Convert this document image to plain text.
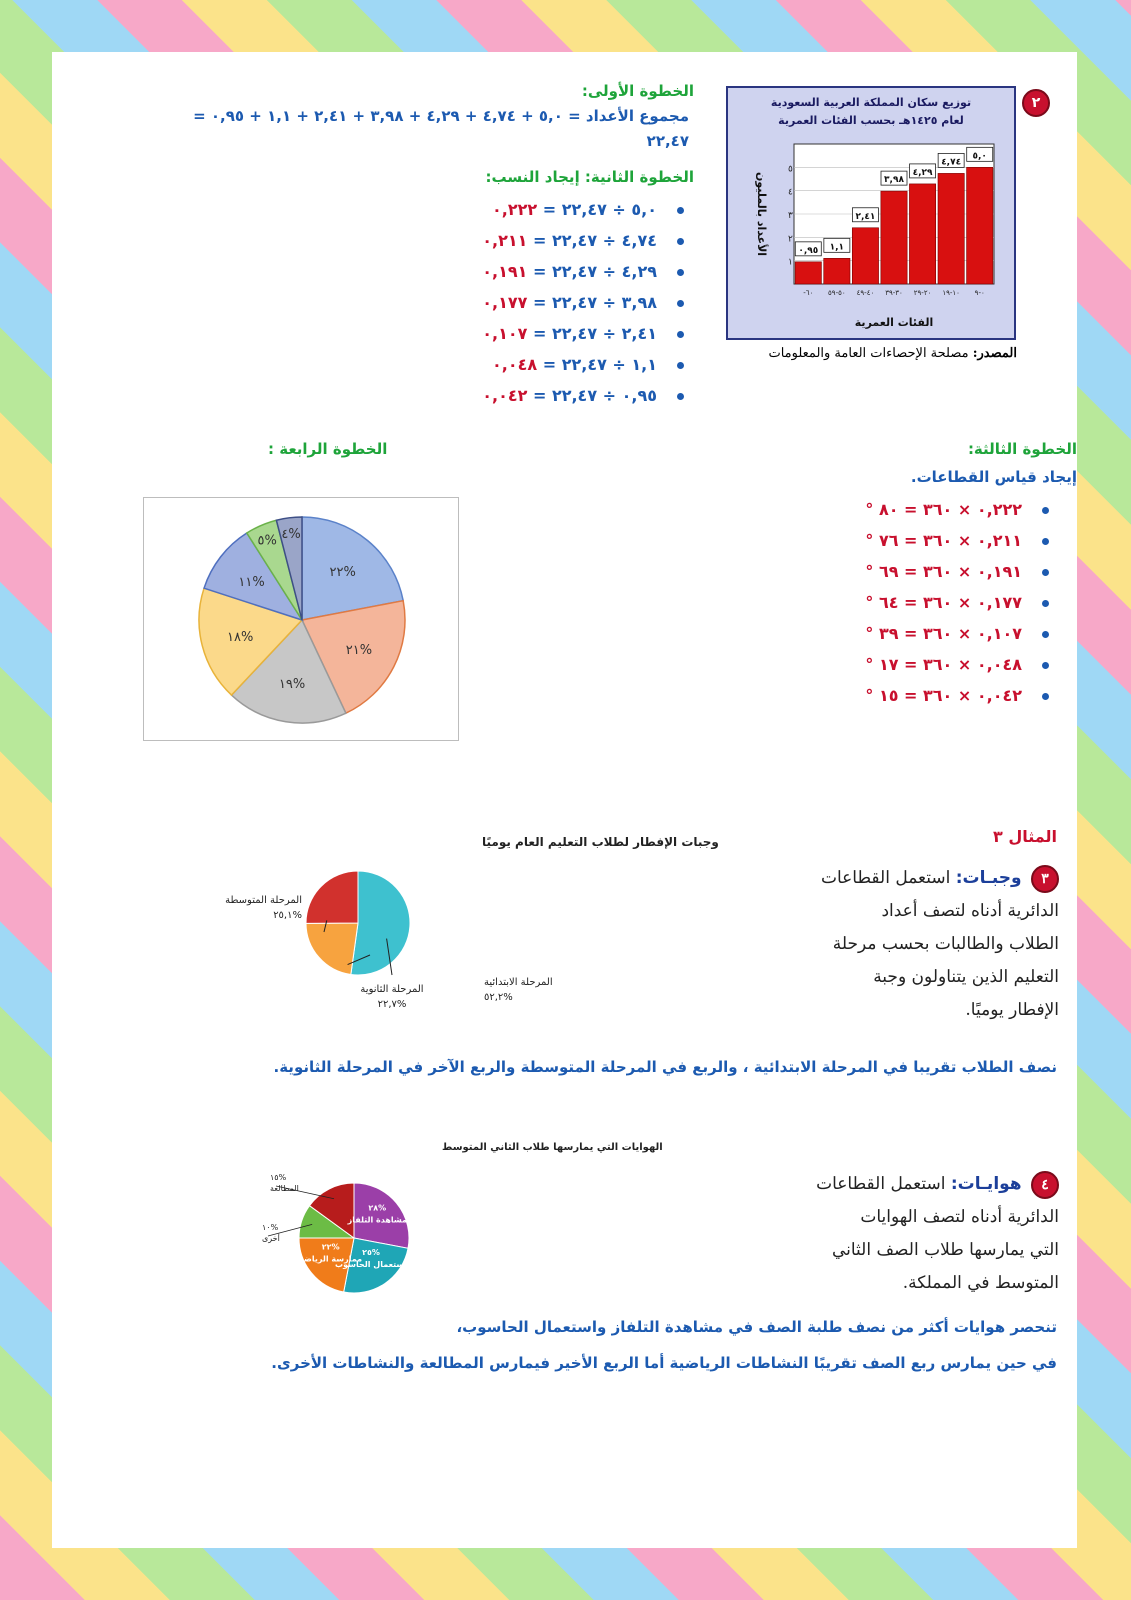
الخطوة الأولى:
مجموع الأعداد = ٥,٠ + ٤,٧٤ + ٤,٢٩ + ٣,٩٨ + ٢,٤١ + ١,١ + ٠,٩٥ =
٢٢,٤٧
الخطوة الثانية: إيجاد النسب:
٥,٠ ÷ ٢٢,٤٧ = ٠,٢٢٢
٤,٧٤ ÷ ٢٢,٤٧ = ٠,٢١١
٤,٢٩ ÷ ٢٢,٤٧ = ٠,١٩١
٣,٩٨ ÷ ٢٢,٤٧ = ٠,١٧٧
٢,٤١ ÷ ٢٢,٤٧ = ٠,١٠٧
١,١ ÷ ٢٢,٤٧ = ٠,٠٤٨
٠,٩٥ ÷ ٢٢,٤٧ = ٠,٠٤٢
٢
توزيع سكان المملكة العربية السعودية
لعام ١٤٢٥هـ بحسب الفئات العمرية
١
٢
٣
٤
٥
٥,٠
٠-٩
٤,٧٤
١٠-١٩
٤,٢٩
٢٠-٢٩
٣,٩٨
٣٠-٣٩
٢,٤١
٤٠-٤٩
١,١
٥٠-٥٩
٠,٩٥
٦٠-
الفئات العمرية
الأعداد بالمليون
المصدر: مصلحة الإحصاءات العامة والمعلومات
الخطوة الثالثة:
إيجاد قياس القطاعات.
٠,٢٢٢ × ٣٦٠ = ٨٠ °
٠,٢١١ × ٣٦٠ = ٧٦ °
٠,١٩١ × ٣٦٠ = ٦٩ °
٠,١٧٧ × ٣٦٠ = ٦٤ °
٠,١٠٧ × ٣٦٠ = ٣٩ °
٠,٠٤٨ × ٣٦٠ = ١٧ °
٠,٠٤٢ × ٣٦٠ = ١٥ °
الخطوة الرابعة :
%٢٢
%٢١
%١٩
%١٨
%١١
%٥ %٤
المثال ٣
٣ وجبـات: استعمل القطاعات
الدائرية أدناه لتصف أعداد
الطلاب والطالبات بحسب مرحلة
التعليم الذين يتناولون وجبة
الإفطار يوميًا.
وجبات الإفطار لطلاب التعليم العام يوميًا
المرحلة الابتدائية
%٥٢,٢
المرحلة الثانوية
%٢٢,٧
المرحلة المتوسطة
%٢٥,١
نصف الطلاب تقريبا في المرحلة الابتدائية ، والربع في المرحلة المتوسطة والربع الآخر في المرحلة الثانوية.
٤ هوايـات: استعمل القطاعات
الدائرية أدناه لتصف الهوايات
التي يمارسها طلاب الصف الثاني
المتوسط في المملكة.
الهوايات التي يمارسها طلاب الثاني المتوسط
%٢٨
مشاهدة التلفاز
%٢٥
استعمال الحاسوب
%٢٢
ممارسة الرياضة
%١٠
أخرى
%١٥
المطالعة
تنحصر هوايات أكثر من نصف طلبة الصف في مشاهدة التلفاز واستعمال الحاسوب،
في حين يمارس ربع الصف تقريبًا النشاطات الرياضية أما الربع الأخير فيمارس المطالعة والنشاطات الأخرى.
